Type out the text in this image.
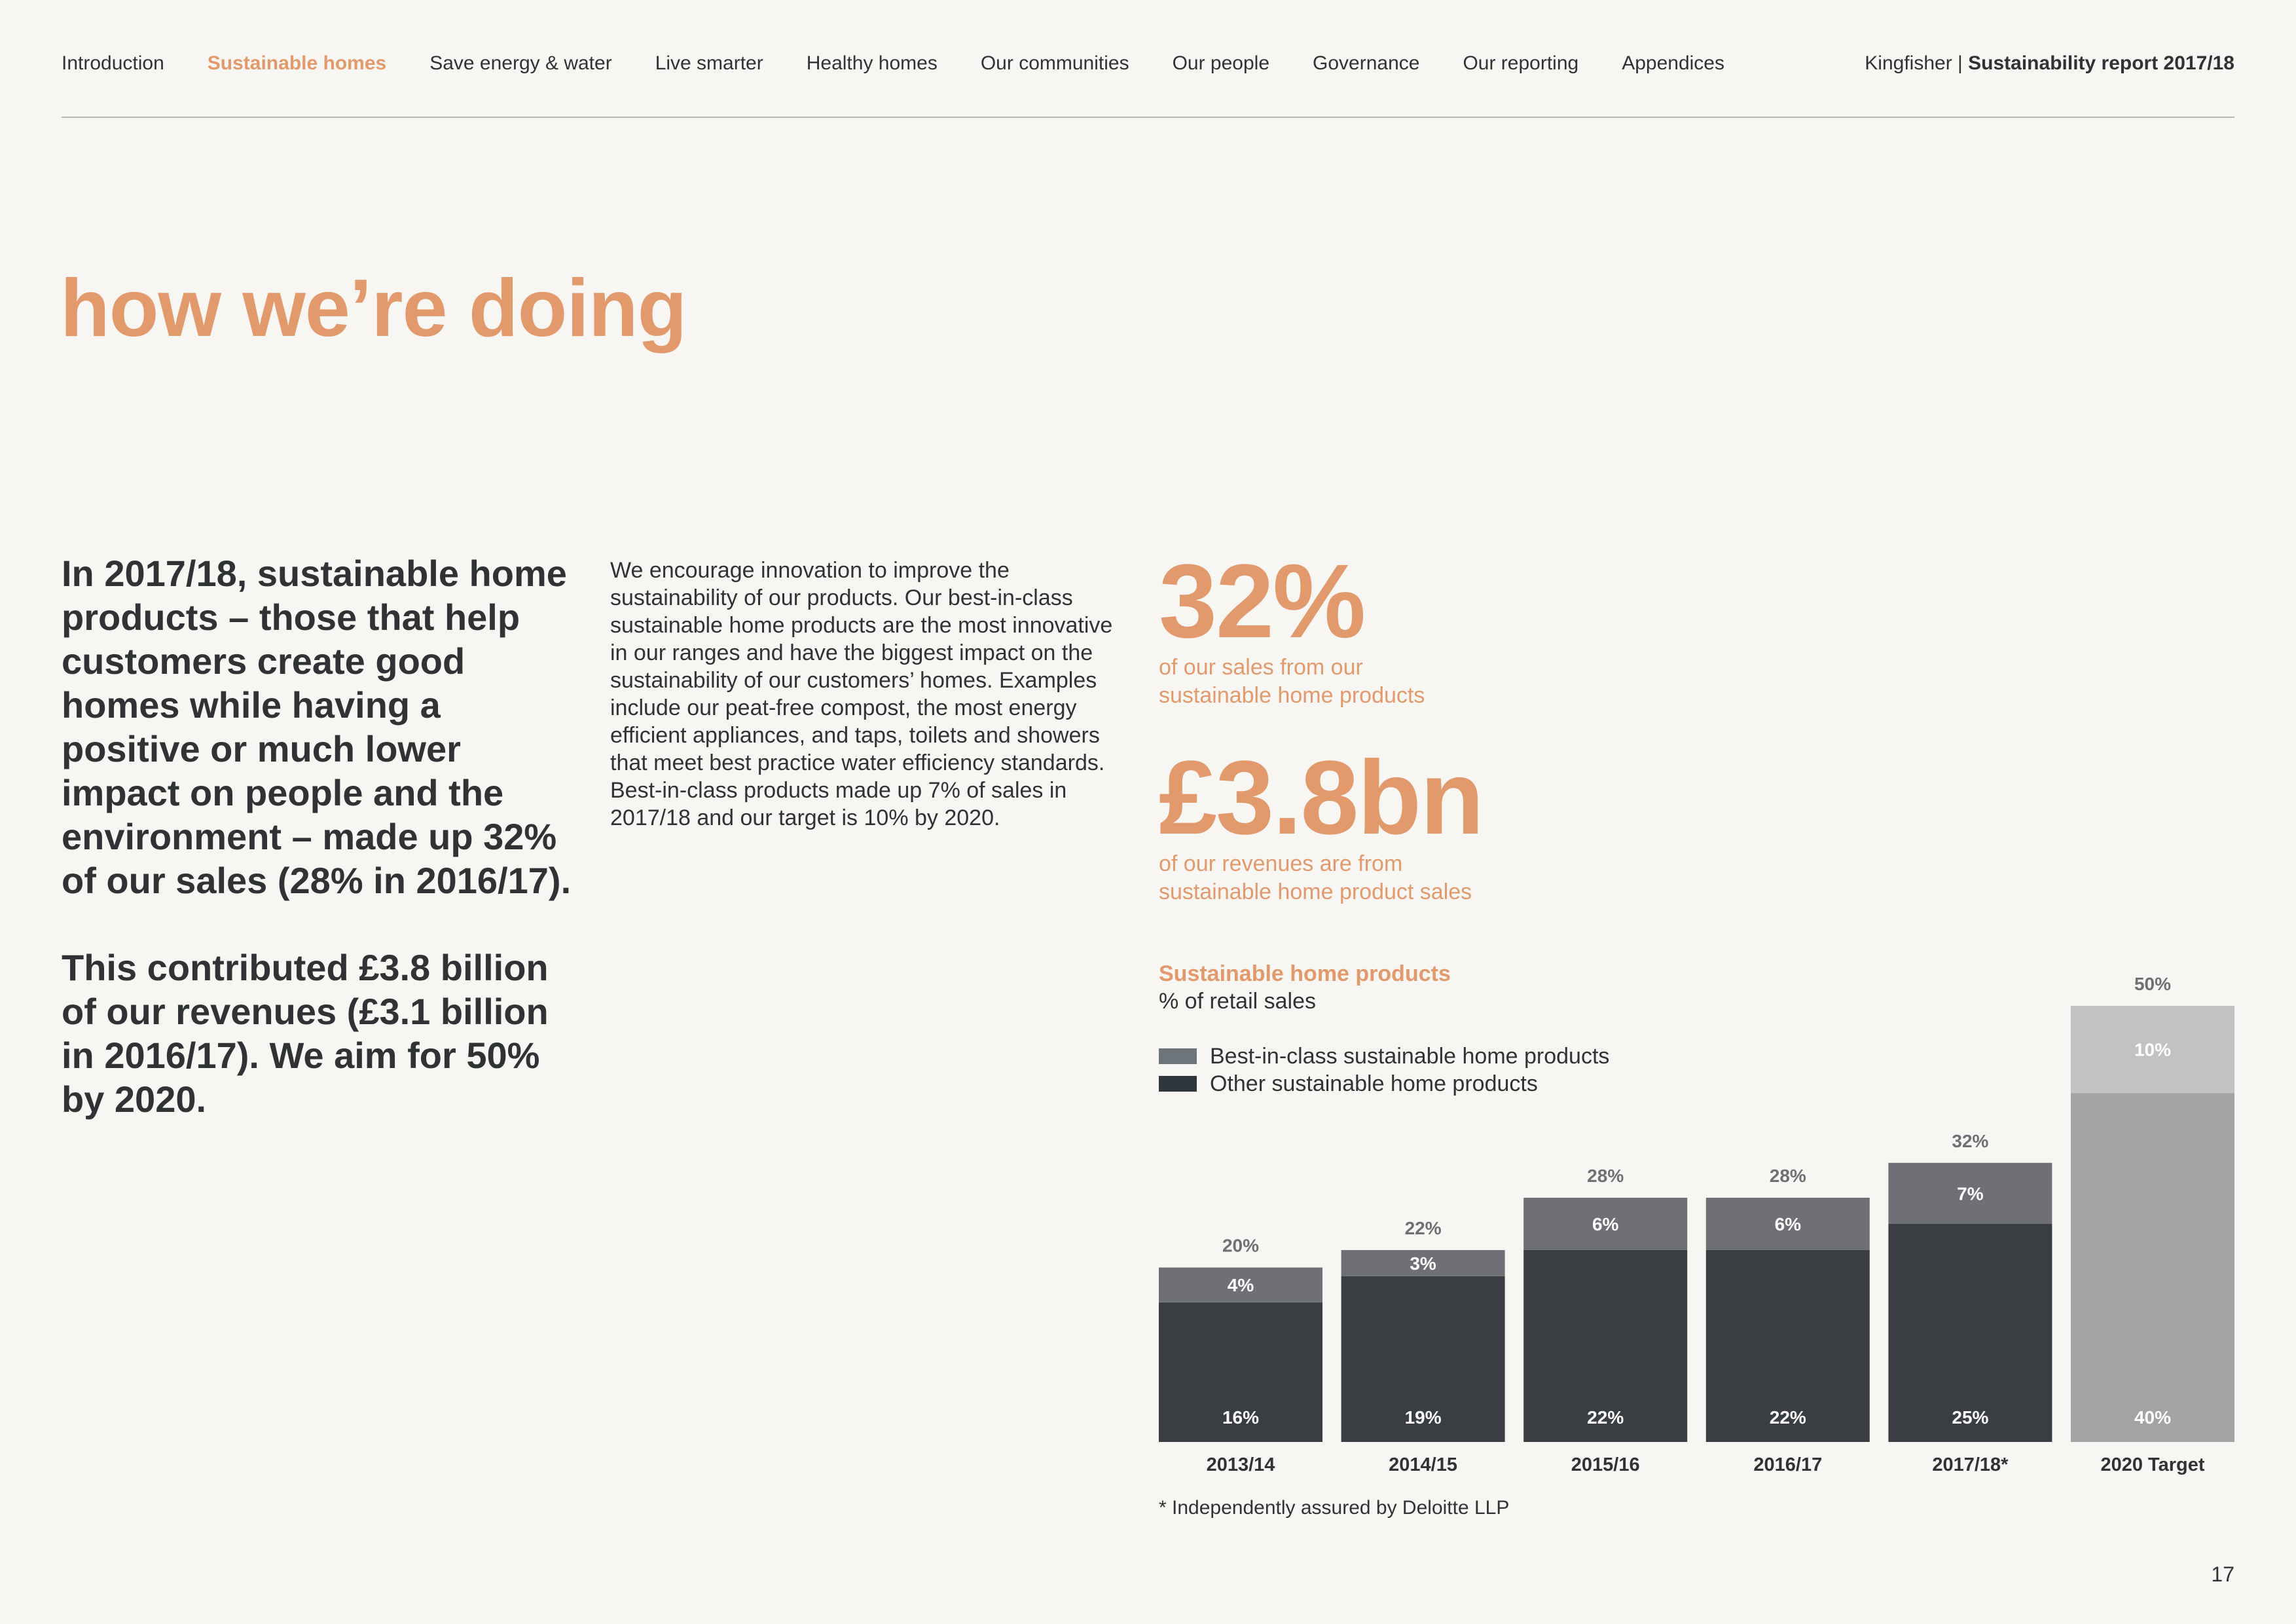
Introduction Sustainable homes Save energy & water Live smarter Healthy homes Our communities Our people Governance Our reporting Appendices	Kingfisher | Sustainability report 2017/18
how we’re doing

In 2017/18, sustainable home products – those that help customers create good homes while having a positive or much lower impact on people and the environment – made up 32% of our sales (28% in 2016/17).

This contributed £3.8 billion of our revenues (£3.1 billion in 2016/17). We aim for 50% by 2020.

We encourage innovation to improve the sustainability of our products. Our best-in-class sustainable home products are the most innovative in our ranges and have the biggest impact on the sustainability of our customers’ homes. Examples include our peat-free compost, the most energy efficient appliances, and taps, toilets and showers that meet best practice water efficiency standards. Best-in-class products made up 7% of sales in 2017/18 and our target is 10% by 2020.
32%
of our sales from our
sustainable home products
£3.8bn
of our revenues are from
sustainable home product sales
Sustainable home products
% of retail sales
Best-in-class sustainable home products
Other sustainable home products
16%
4%
20%
2013/14
19%
3%
22%
2014/15
22%
6%
28%
2015/16
22%
6%
28%
2016/17
25%
7%
32%
2017/18*
40%
10%
50%
2020 Target
* Independently assured by Deloitte LLP
17
